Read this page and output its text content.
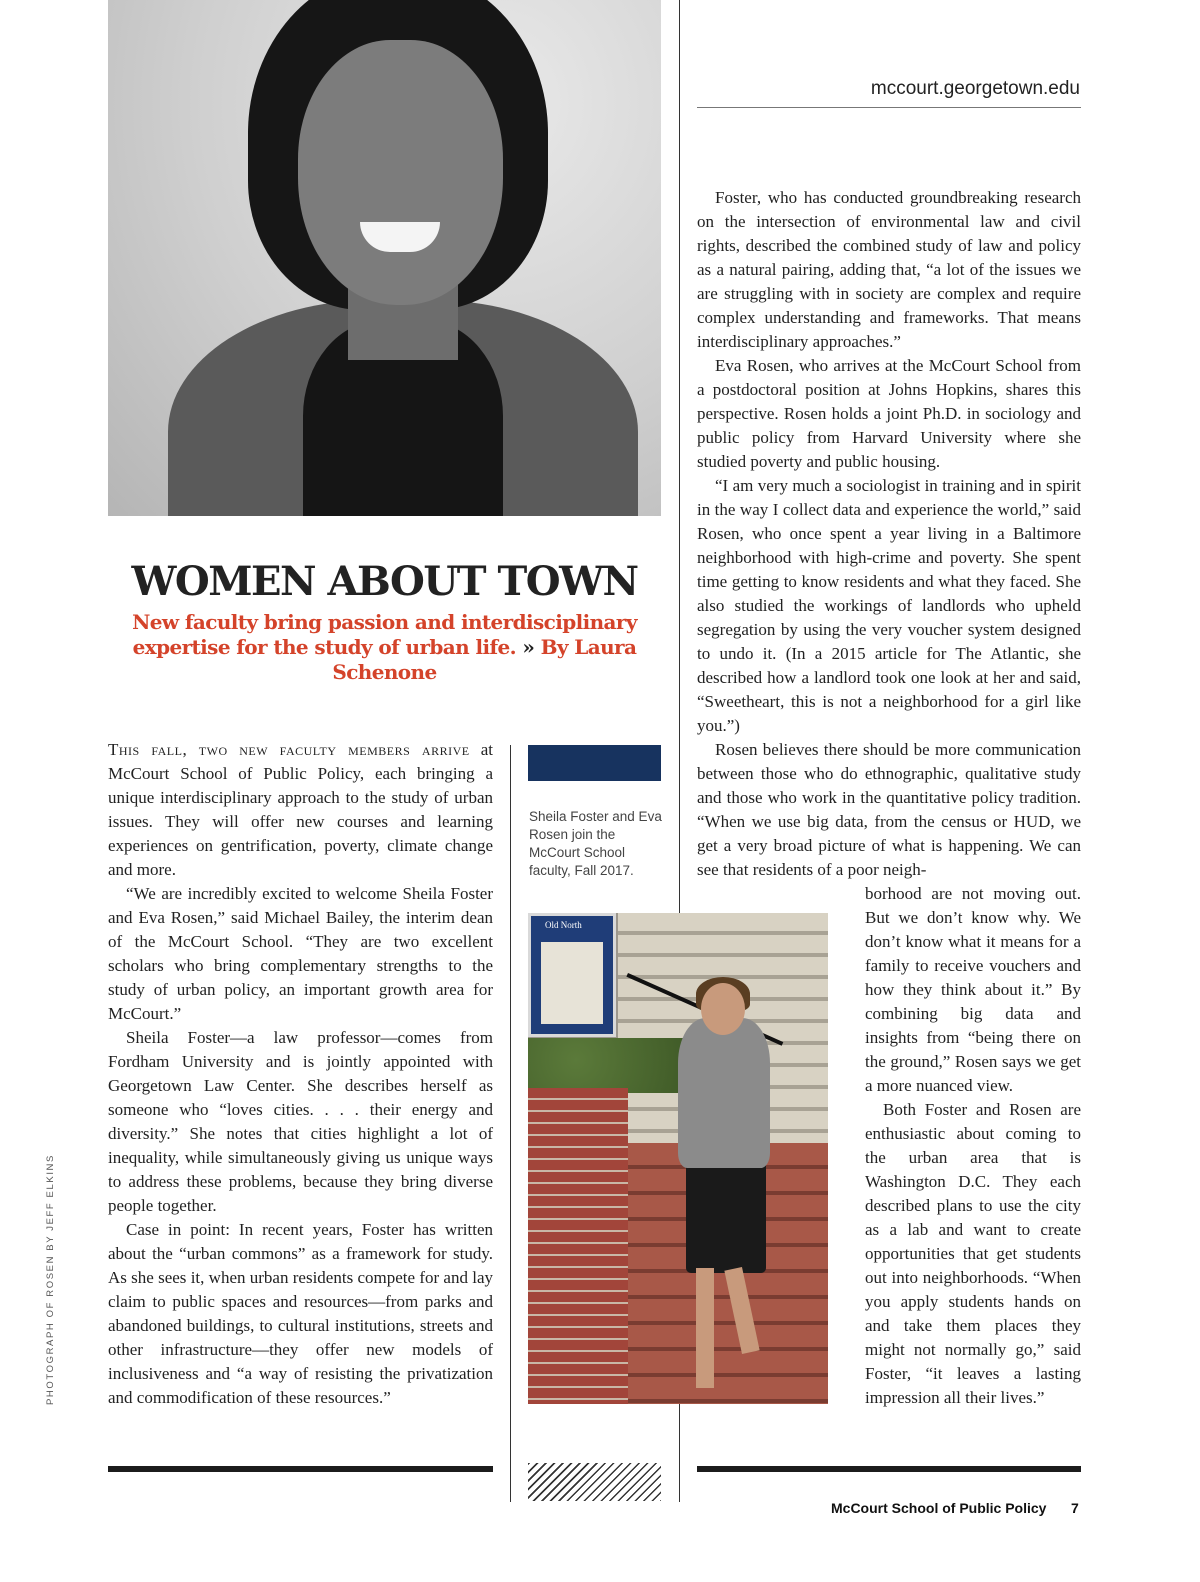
mccourt.georgetown.edu
WOMEN ABOUT TOWN
New faculty bring passion and interdisciplinary expertise for the study of urban life. » By Laura Schenone

This fall, two new faculty members arrive at McCourt School of Public Policy, each bringing a unique interdisciplinary approach to the study of urban issues. They will offer new courses and learning experiences on gentrification, poverty, climate change and more.

“We are incredibly excited to welcome Sheila Foster and Eva Rosen,” said Michael Bailey, the interim dean of the McCourt School. “They are two excellent scholars who bring complementary strengths to the study of urban policy, an important growth area for McCourt.”

Sheila Foster—a law professor—comes from Fordham University and is jointly appointed with Georgetown Law Center. She describes herself as someone who “loves cities. . . . their energy and diversity.” She notes that cities highlight a lot of inequality, while simultaneously giving us unique ways to address these problems, because they bring diverse people together.

Case in point: In recent years, Foster has written about the “urban commons” as a framework for study. As she sees it, when urban residents compete for and lay claim to public spaces and resources—from parks and abandoned buildings, to cultural institutions, streets and other infrastructure—they offer new models of inclusiveness and “a way of resisting the privatization and commodification of these resources.”

Sheila Foster and Eva Rosen join the McCourt School faculty, Fall 2017.
Old North

Foster, who has conducted groundbreaking research on the intersection of environmental law and civil rights, described the combined study of law and policy as a natural pairing, adding that, “a lot of the issues we are struggling with in society are complex and require complex understanding and frameworks. That means interdisciplinary approaches.”

Eva Rosen, who arrives at the McCourt School from a postdoctoral position at Johns Hopkins, shares this perspective. Rosen holds a joint Ph.D. in sociology and public policy from Harvard University where she studied poverty and public housing.

“I am very much a sociologist in training and in spirit in the way I collect data and experience the world,” said Rosen, who once spent a year living in a Baltimore neighborhood with high-crime and poverty. She spent time getting to know residents and what they faced. She also studied the workings of landlords who upheld segregation by using the very voucher system designed to undo it. (In a 2015 article for The Atlantic, she described how a landlord took one look at her and said, “Sweetheart, this is not a neighborhood for a girl like you.”)

Rosen believes there should be more communication between those who do ethnographic, qualitative study and those who work in the quantitative policy tradition. “When we use big data, from the census or HUD, we get a very broad picture of what is happening. We can see that residents of a poor neigh-

borhood are not moving out. But we don’t know why. We don’t know what it means for a family to receive vouchers and how they think about it.” By combining big data and insights from “being there on the ground,” Rosen says we get a more nuanced view.

Both Foster and Rosen are enthusiastic about coming to the urban area that is Washington D.C. They each described plans to use the city as a lab and want to create opportunities that get students out into neighborhoods. “When you apply students hands on and take them places they might not normally go,” said Foster, “it leaves a lasting impression all their lives.”

PHOTOGRAPH OF ROSEN BY JEFF ELKINS
McCourt School of Public Policy 7
